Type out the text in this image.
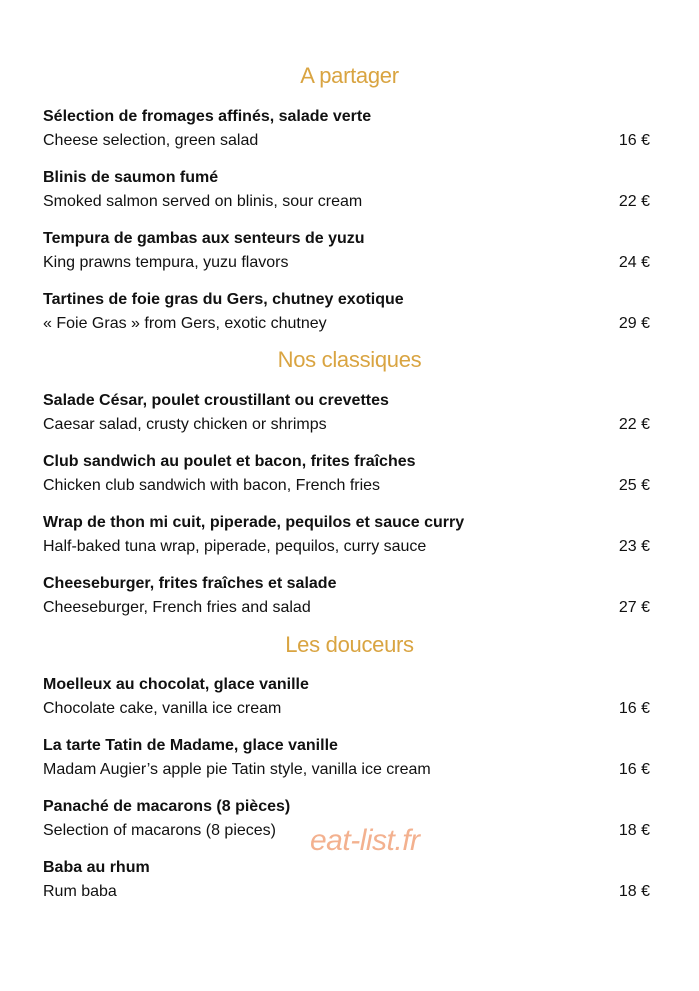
A partager
Sélection de fromages affinés, salade verte
Cheese selection, green salad	16 €
Blinis de saumon fumé
Smoked salmon served on blinis, sour cream	22 €
Tempura de gambas aux senteurs de yuzu
King prawns tempura, yuzu flavors	24 €
Tartines de foie gras du Gers, chutney exotique
« Foie Gras » from Gers, exotic chutney	29 €
Nos classiques
Salade César, poulet croustillant ou crevettes
Caesar salad, crusty chicken or shrimps	22 €
Club sandwich au poulet et bacon, frites fraîches
Chicken club sandwich with bacon, French fries	25 €
Wrap de thon mi cuit, piperade, pequilos et sauce curry
Half-baked tuna wrap, piperade, pequilos, curry sauce	23 €
Cheeseburger, frites fraîches et salade
Cheeseburger, French fries and salad	27 €
Les douceurs
Moelleux au chocolat, glace vanille
Chocolate cake, vanilla ice cream	16 €
La tarte Tatin de Madame, glace vanille
Madam Augier’s apple pie Tatin style, vanilla ice cream	16 €
Panaché de macarons (8 pièces)
Selection of macarons (8 pieces)	18 €
Baba au rhum
Rum baba	18 €
eat-list.fr
